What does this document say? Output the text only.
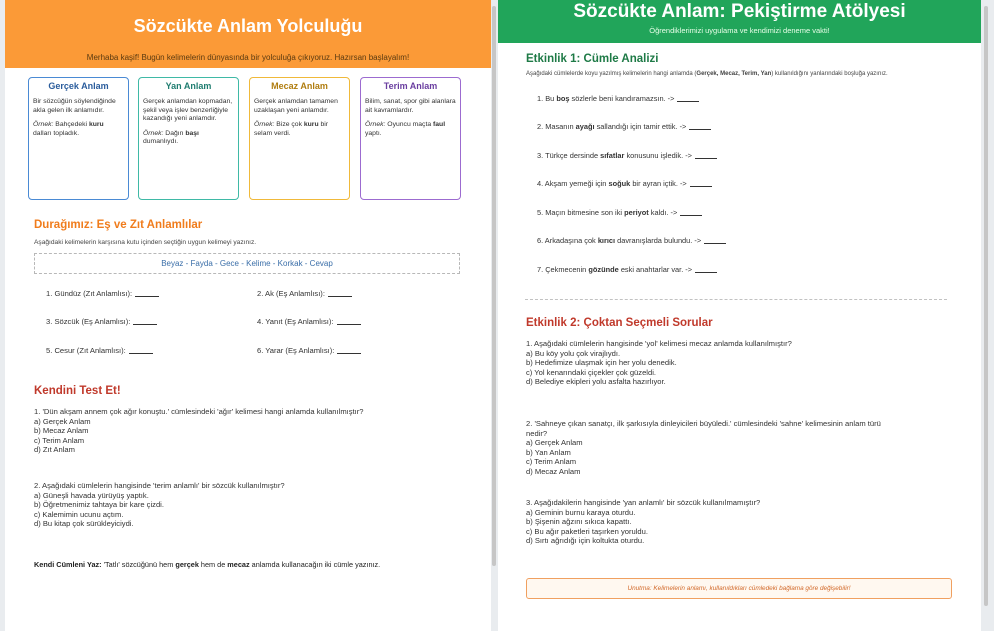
Sözcükte Anlam Yolculuğu
Merhaba kaşif! Bugün kelimelerin dünyasında bir yolculuğa çıkıyoruz. Hazırsan başlayalım!
Gerçek Anlam
Bir sözcüğün söylendiğinde akla gelen ilk anlamıdır.
Örnek: Bahçedeki kuru dalları topladık.
Yan Anlam
Gerçek anlamdan kopmadan, şekil veya işlev benzerliğiyle kazandığı yeni anlamdır.
Örnek: Dağın başı dumanlıydı.
Mecaz Anlam
Gerçek anlamdan tamamen uzaklaşan yeni anlamdır.
Örnek: Bize çok kuru bir selam verdi.
Terim Anlam
Bilim, sanat, spor gibi alanlara ait kavramlardır.
Örnek: Oyuncu maçta faul yaptı.
Durağımız: Eş ve Zıt Anlamlılar
Aşağıdaki kelimelerin karşısına kutu içinden seçtiğin uygun kelimeyi yazınız.
Beyaz - Fayda - Gece - Kelime - Korkak - Cevap
1. Gündüz (Zıt Anlamlısı):	2. Ak (Eş Anlamlısı):
3. Sözcük (Eş Anlamlısı):	4. Yanıt (Eş Anlamlısı):
5. Cesur (Zıt Anlamlısı):	6. Yarar (Eş Anlamlısı):
Kendini Test Et!
1. 'Dün akşam annem çok ağır konuştu.' cümlesindeki 'ağır' kelimesi hangi anlamda kullanılmıştır?
a) Gerçek Anlam
b) Mecaz Anlam
c) Terim Anlam
d) Zıt Anlam
2. Aşağıdaki cümlelerin hangisinde 'terim anlamlı' bir sözcük kullanılmıştır?
a) Güneşli havada yürüyüş yaptık.
b) Öğretmenimiz tahtaya bir kare çizdi.
c) Kalemimin ucunu açtım.
d) Bu kitap çok sürükleyiciydi.
Kendi Cümleni Yaz: 'Tatlı' sözcüğünü hem gerçek hem de mecaz anlamda kullanacağın iki cümle yazınız.
Sözcükte Anlam: Pekiştirme Atölyesi
Öğrendiklerimizi uygulama ve kendimizi deneme vakti!
Etkinlik 1: Cümle Analizi
Aşağıdaki cümlelerde koyu yazılmış kelimelerin hangi anlamda (Gerçek, Mecaz, Terim, Yan) kullanıldığını yanlarındaki boşluğa yazınız.
1. Bu boş sözlerle beni kandıramazsın. ->
2. Masanın ayağı sallandığı için tamir ettik. ->
3. Türkçe dersinde sıfatlar konusunu işledik. ->
4. Akşam yemeği için soğuk bir ayran içtik. ->
5. Maçın bitmesine son iki periyot kaldı. ->
6. Arkadaşına çok kırıcı davranışlarda bulundu. ->
7. Çekmecenin gözünde eski anahtarlar var. ->
Etkinlik 2: Çoktan Seçmeli Sorular
1. Aşağıdaki cümlelerin hangisinde 'yol' kelimesi mecaz anlamda kullanılmıştır?
a) Bu köy yolu çok virajlıydı.
b) Hedefimize ulaşmak için her yolu denedik.
c) Yol kenarındaki çiçekler çok güzeldi.
d) Belediye ekipleri yolu asfalta hazırlıyor.
2. 'Sahneye çıkan sanatçı, ilk şarkısıyla dinleyicileri büyüledi.' cümlesindeki 'sahne' kelimesinin anlam türü
nedir?
a) Gerçek Anlam
b) Yan Anlam
c) Terim Anlam
d) Mecaz Anlam
3. Aşağıdakilerin hangisinde 'yan anlamlı' bir sözcük kullanılmamıştır?
a) Geminin burnu karaya oturdu.
b) Şişenin ağzını sıkıca kapattı.
c) Bu ağır paketleri taşırken yoruldu.
d) Sırtı ağrıdığı için koltukta oturdu.
Unutma: Kelimelerin anlamı, kullanıldıkları cümledeki bağlama göre değişebilir!
